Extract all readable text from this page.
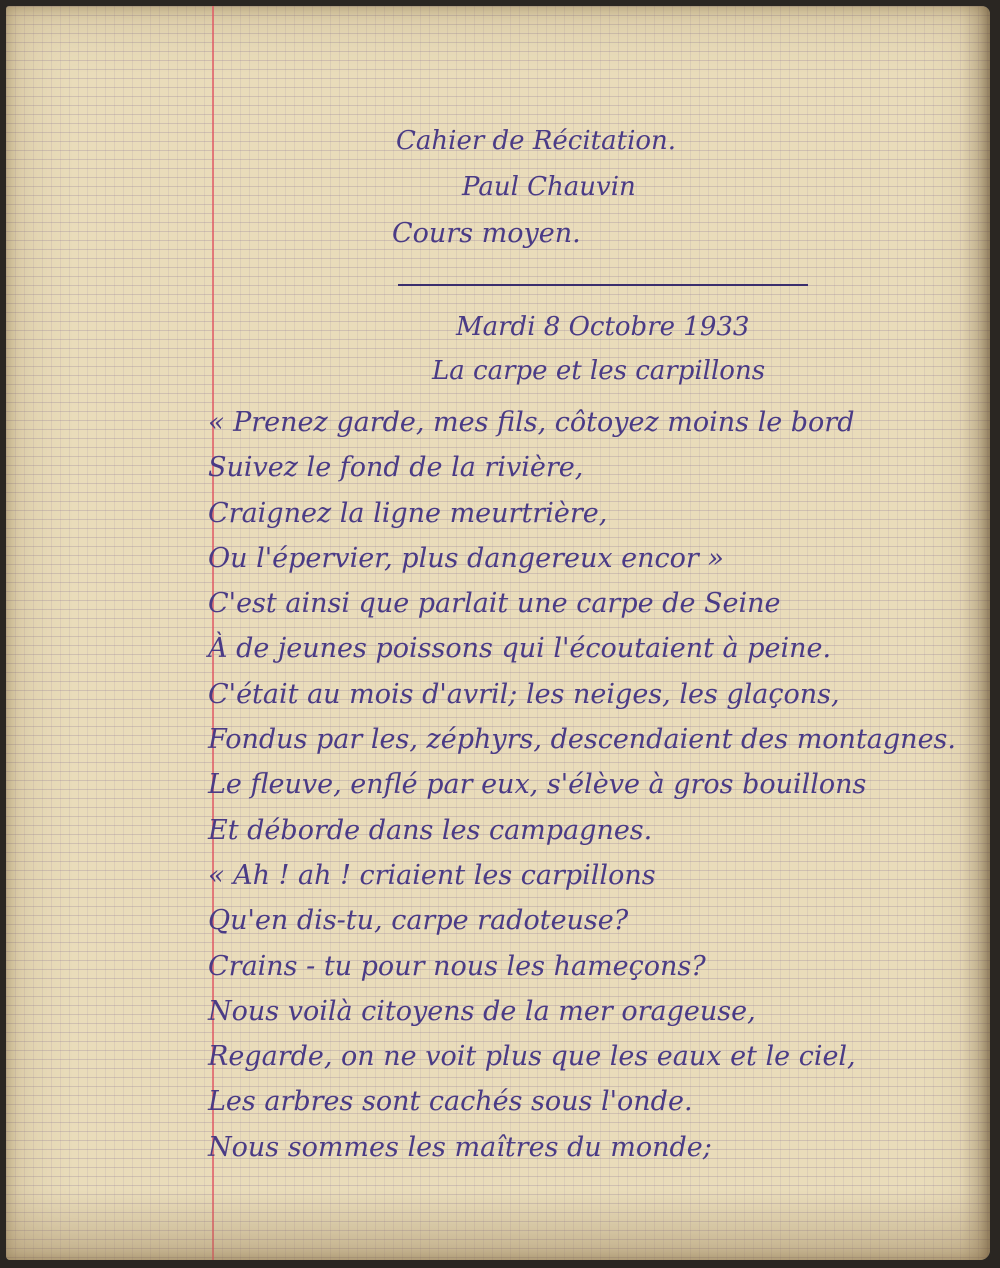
Cahier de Récitation.
Paul Chauvin
Cours moyen.
Mardi 8 Octobre 1933
La carpe et les carpillons
« Prenez garde, mes fils, côtoyez moins le bord
Suivez le fond de la rivière,
Craignez la ligne meurtrière,
Ou l'épervier, plus dangereux encor »
C'est ainsi que parlait une carpe de Seine
À de jeunes poissons qui l'écoutaient à peine.
C'était au mois d'avril; les neiges, les glaçons,
Fondus par les, zéphyrs, descendaient des montagnes.
Le fleuve, enflé par eux, s'élève à gros bouillons
Et déborde dans les campagnes.
« Ah ! ah ! criaient les carpillons
Qu'en dis-tu, carpe radoteuse?
Crains - tu pour nous les hameçons?
Nous voilà citoyens de la mer orageuse,
Regarde, on ne voit plus que les eaux et le ciel,
Les arbres sont cachés sous l'onde.
Nous sommes les maîtres du monde;
